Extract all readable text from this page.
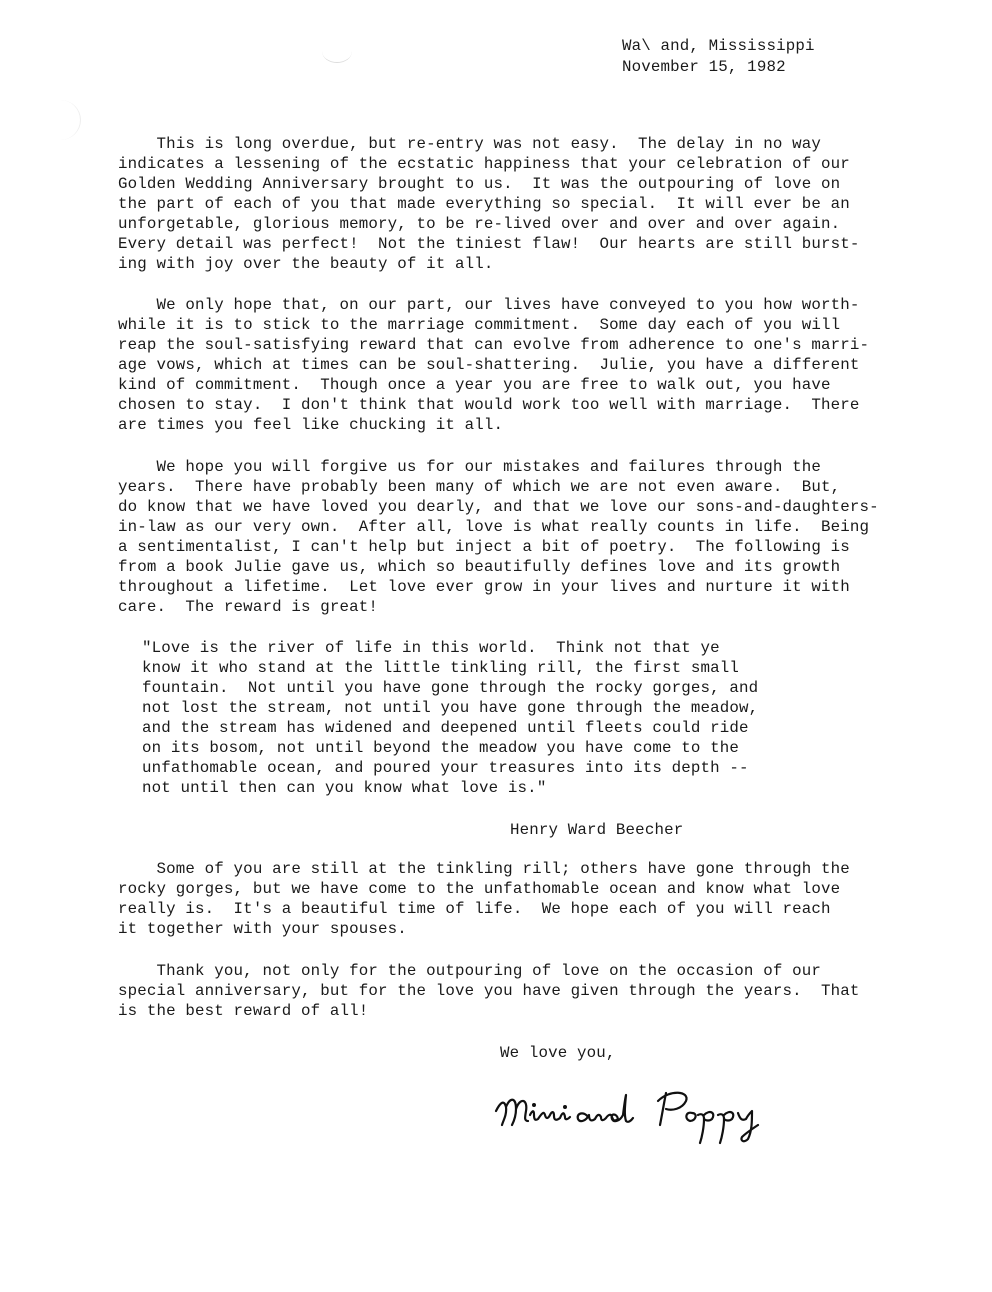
Wa\ and, Mississippi
November 15, 1982
This is long overdue, but re-entry was not easy.  The delay in no way
indicates a lessening of the ecstatic happiness that your celebration of our
Golden Wedding Anniversary brought to us.  It was the outpouring of love on
the part of each of you that made everything so special.  It will ever be an
unforgetable, glorious memory, to be re-lived over and over and over again.
Every detail was perfect!  Not the tiniest flaw!  Our hearts are still burst-
ing with joy over the beauty of it all.
We only hope that, on our part, our lives have conveyed to you how worth-
while it is to stick to the marriage commitment.  Some day each of you will
reap the soul-satisfying reward that can evolve from adherence to one's marri-
age vows, which at times can be soul-shattering.  Julie, you have a different
kind of commitment.  Though once a year you are free to walk out, you have
chosen to stay.  I don't think that would work too well with marriage.  There
are times you feel like chucking it all.
We hope you will forgive us for our mistakes and failures through the
years.  There have probably been many of which we are not even aware.  But,
do know that we have loved you dearly, and that we love our sons-and-daughters-
in-law as our very own.  After all, love is what really counts in life.  Being
a sentimentalist, I can't help but inject a bit of poetry.  The following is
from a book Julie gave us, which so beautifully defines love and its growth
throughout a lifetime.  Let love ever grow in your lives and nurture it with
care.  The reward is great!
"Love is the river of life in this world.  Think not that ye
know it who stand at the little tinkling rill, the first small
fountain.  Not until you have gone through the rocky gorges, and
not lost the stream, not until you have gone through the meadow,
and the stream has widened and deepened until fleets could ride
on its bosom, not until beyond the meadow you have come to the
unfathomable ocean, and poured your treasures into its depth --
not until then can you know what love is."
Henry Ward Beecher
Some of you are still at the tinkling rill; others have gone through the
rocky gorges, but we have come to the unfathomable ocean and know what love
really is.  It's a beautiful time of life.  We hope each of you will reach
it together with your spouses.
Thank you, not only for the outpouring of love on the occasion of our
special anniversary, but for the love you have given through the years.  That
is the best reward of all!
We love you,
